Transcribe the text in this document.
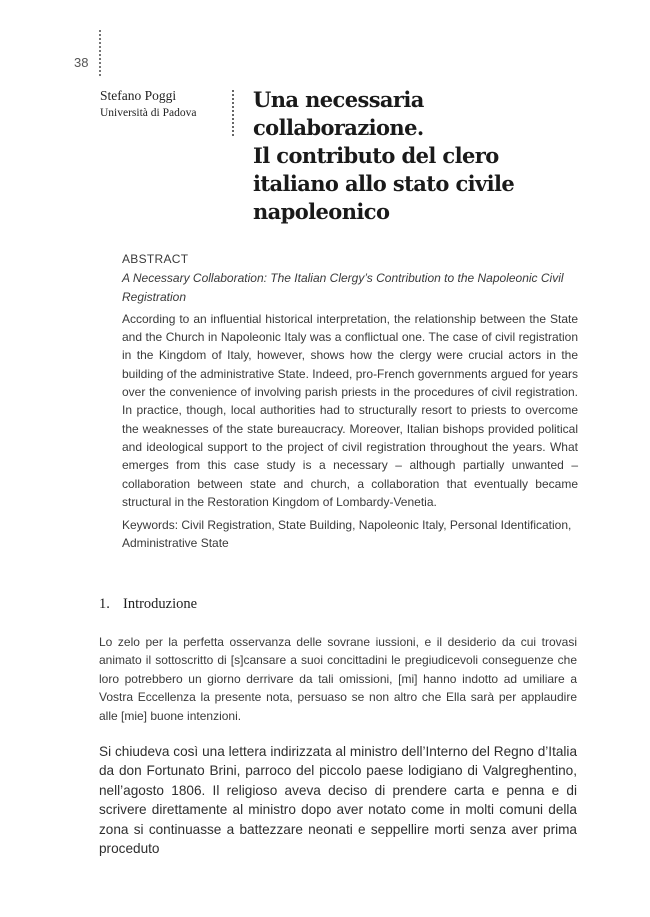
38
Stefano Poggi
Università di Padova
Una necessaria
collaborazione.
Il contributo del clero
italiano allo stato civile
napoleonico
ABSTRACT

A Necessary Collaboration: The Italian Clergy’s Contribution to the Napoleonic Civil Registration

According to an influential historical interpretation, the relationship between the State and the Church in Napoleonic Italy was a conflictual one. The case of civil registration in the Kingdom of Italy, however, shows how the clergy were crucial actors in the building of the administrative State. Indeed, pro-French governments argued for years over the convenience of involving parish priests in the procedures of civil registration. In practice, though, local authorities had to structurally resort to priests to overcome the weaknesses of the state bureaucracy. Moreover, Italian bishops provided political and ideological support to the project of civil registration throughout the years. What emerges from this case study is a necessary – although partially unwanted – collaboration between state and church, a collaboration that eventually became structural in the Restoration Kingdom of Lombardy-Venetia.

Keywords: Civil Registration, State Building, Napoleonic Italy, Personal Identification, Administrative State

1. Introduzione

Lo zelo per la perfetta osservanza delle sovrane iussioni, e il desiderio da cui trovasi animato il sottoscritto di [s]cansare a suoi concittadini le pregiudicevoli conseguenze che loro potrebbero un giorno derrivare da tali omissioni, [mi] hanno indotto ad umiliare a Vostra Eccellenza la presente nota, persuaso se non altro che Ella sarà per applaudire alle [mie] buone intenzioni.

Si chiudeva così una lettera indirizzata al ministro dell’Interno del Regno d’Italia da don Fortunato Brini, parroco del piccolo paese lodigiano di Valgreghentino, nell’agosto 1806. Il religioso aveva deciso di prendere carta e penna e di scrivere direttamente al ministro dopo aver notato come in molti comuni della zona si continuasse a battezzare neonati e seppellire morti senza aver prima proceduto
